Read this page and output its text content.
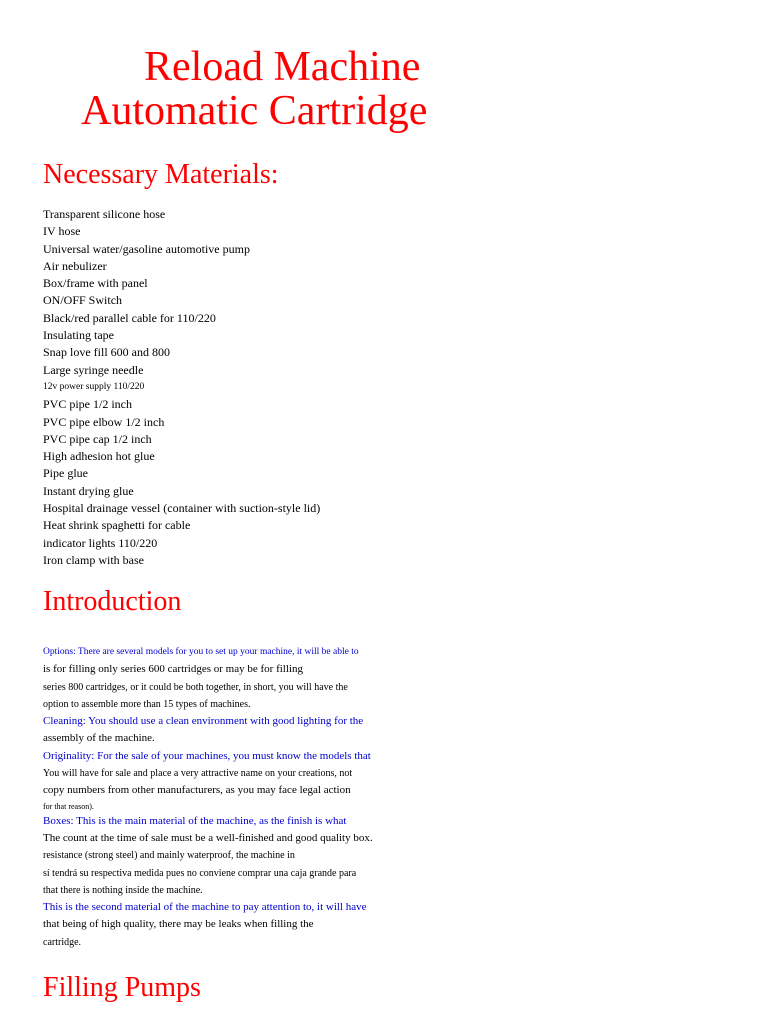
Reload Machine
Automatic Cartridge
Necessary Materials:
Transparent silicone hose
IV hose
Universal water/gasoline automotive pump
Air nebulizer
Box/frame with panel
ON/OFF Switch
Black/red parallel cable for 110/220
Insulating tape
Snap love fill 600 and 800
Large syringe needle
12v power supply 110/220
PVC pipe 1/2 inch
PVC pipe elbow 1/2 inch
PVC pipe cap 1/2 inch
High adhesion hot glue
Pipe glue
Instant drying glue
Hospital drainage vessel (container with suction-style lid)
Heat shrink spaghetti for cable
indicator lights 110/220
Iron clamp with base
Introduction
Options: There are several models for you to set up your machine, it will be able to
is for filling only series 600 cartridges or may be for filling
series 800 cartridges, or it could be both together, in short, you will have the
option to assemble more than 15 types of machines.
Cleaning: You should use a clean environment with good lighting for the
assembly of the machine.
Originality: For the sale of your machines, you must know the models that
You will have for sale and place a very attractive name on your creations, not
copy numbers from other manufacturers, as you may face legal action
for that reason).
Boxes: This is the main material of the machine, as the finish is what
The count at the time of sale must be a well-finished and good quality box.
resistance (strong steel) and mainly waterproof, the machine in
sí tendrá su respectiva medida pues no conviene comprar una caja grande para
that there is nothing inside the machine.
This is the second material of the machine to pay attention to, it will have
that being of high quality, there may be leaks when filling the
cartridge.
Filling Pumps
